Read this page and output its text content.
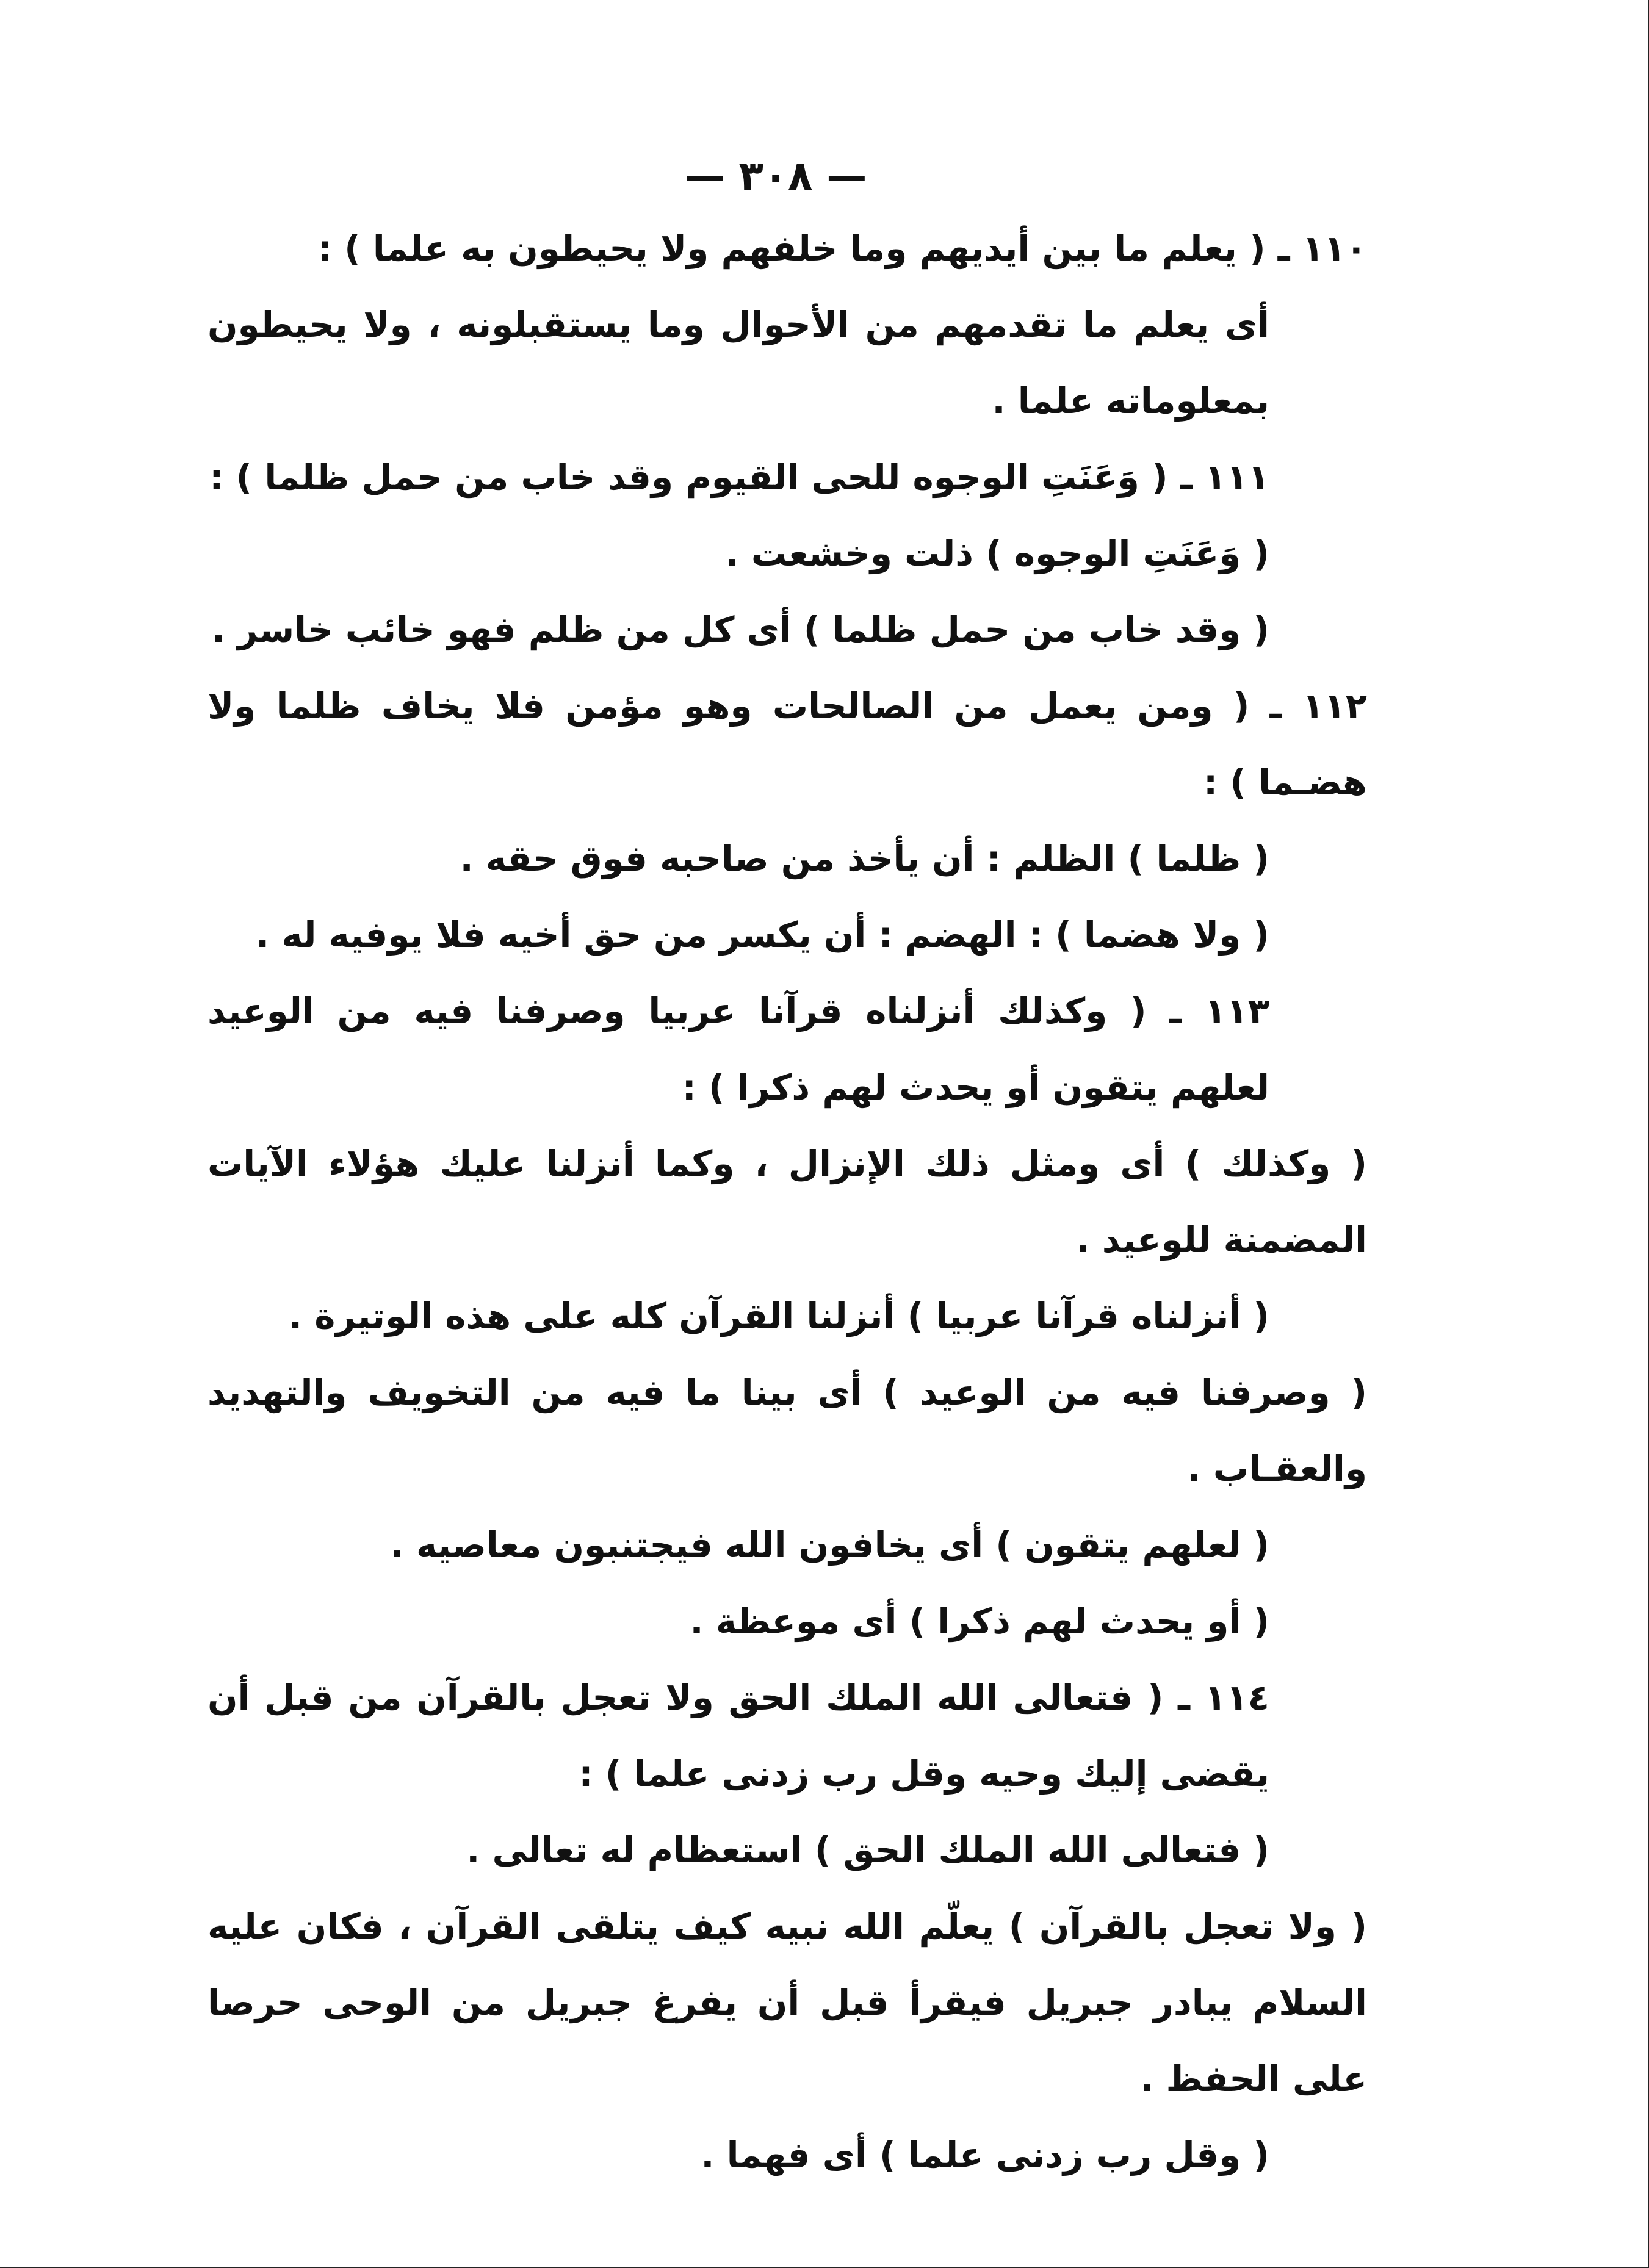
— ٣٠٨ —

١١٠ ـ ( يعلم ما بين أيديهم وما خلفهم ولا يحيطون به علما ) :

أى يعلم ما تقدمهم من الأحوال وما يستقبلونه ، ولا يحيطون بمعلوماته علما .

١١١ ـ ( وَعَنَتِ الوجوه للحى القيوم وقد خاب من حمل ظلما ) :

( وَعَنَتِ الوجوه ) ذلت وخشعت .

( وقد خاب من حمل ظلما ) أى كل من ظلم فهو خائب خاسر .

١١٢ ـ ( ومن يعمل من الصالحات وهو مؤمن فلا يخاف ظلما ولا هضـما ) :

( ظلما ) الظلم : أن يأخذ من صاحبه فوق حقه .

( ولا هضما ) : الهضم : أن يكسر من حق أخيه فلا يوفيه له .

١١٣ ـ ( وكذلك أنزلناه قرآنا عربيا وصرفنا فيه من الوعيد لعلهم يتقون أو يحدث لهم ذكرا ) :

( وكذلك ) أى ومثل ذلك الإنزال ، وكما أنزلنا عليك هؤلاء الآيات المضمنة للوعيد .

( أنزلناه قرآنا عربيا ) أنزلنا القرآن كله على هذه الوتيرة .

( وصرفنا فيه من الوعيد ) أى بينا ما فيه من التخويف والتهديد والعقـاب .

( لعلهم يتقون ) أى يخافون الله فيجتنبون معاصيه .

( أو يحدث لهم ذكرا ) أى موعظة .

١١٤ ـ ( فتعالى الله الملك الحق ولا تعجل بالقرآن من قبل أن يقضى إليك وحيه وقل رب زدنى علما ) :

( فتعالى الله الملك الحق ) استعظام له تعالى .

( ولا تعجل بالقرآن ) يعلّم الله نبيه كيف يتلقى القرآن ، فكان عليه السلام يبادر جبريل فيقرأ قبل أن يفرغ جبريل من الوحى حرصا على الحفظ .

( وقل رب زدنى علما ) أى فهما .
